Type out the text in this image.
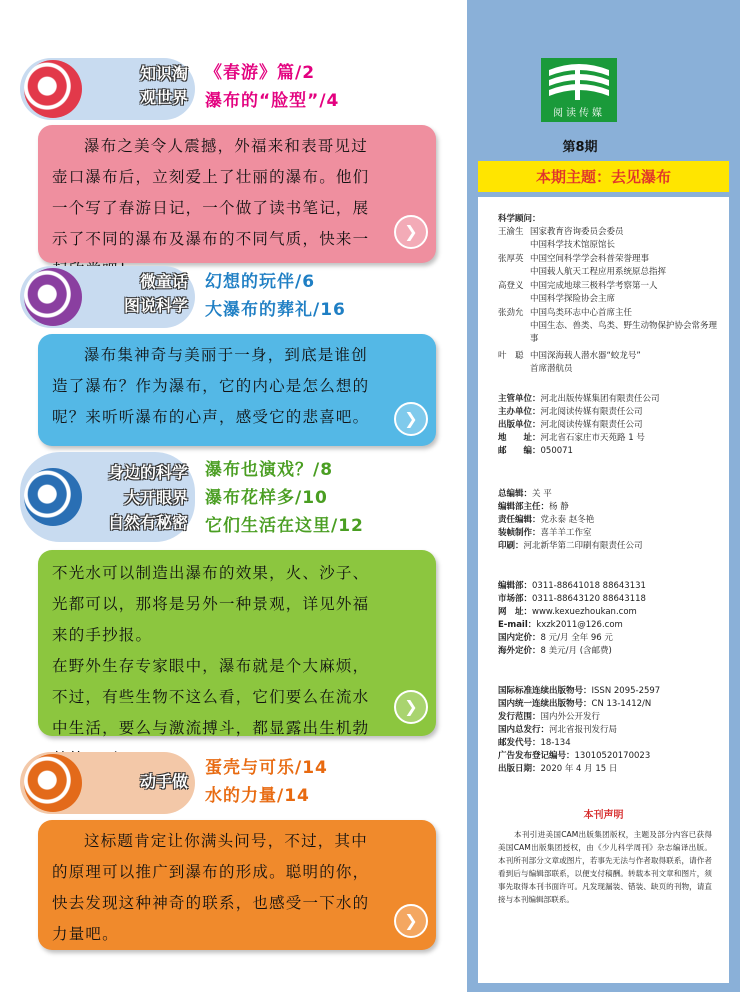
知识淘
观世界
《春游》篇/2
瀑布的“脸型”/4
瀑布之美令人震撼，外福来和表哥见过壶口瀑布后，立刻爱上了壮丽的瀑布。他们一个写了春游日记，一个做了读书笔记，展示了不同的瀑布及瀑布的不同气质，快来一	❯
微童话
图说科学
幻想的玩伴/6
大瀑布的葬礼/16
瀑布集神奇与美丽于一身，到底是谁创造了瀑布？作为瀑布，它的内心是怎么想的呢？来听听瀑布的心声，感受它的悲喜吧。	❯
身边的科学
大开眼界
自然有秘密
瀑布也演戏？/8
瀑布花样多/10
它们生活在这里/12
不光水可以制造出瀑布的效果，火、沙子、光都可以，那将是另外一种景观，详见外福来的手抄报。
在野外生存专家眼中，瀑布就是个大麻烦，不过，有些生物不这么看，它们要么在流水中生活，要么与激流搏斗，都显露出生机勃
❯
动手做
蛋壳与可乐/14
水的力量/14
这标题肯定让你满头问号，不过，其中的原理可以推广到瀑布的形成。聪明的你，快去发现这种神奇的联系，也感受一下水的力量吧。
❯
阅读传媒
第8期
本期主题：去见瀑布
科学顾问：
王渝生 国家教育咨询委员会委员
中国科学技术馆原馆长
张厚英 中国空间科学学会科普荣誉理事
中国载人航天工程应用系统原总指挥
高登义 中国完成地球三极科学考察第一人
中国科学探险协会主席
张劲允 中国鸟类环志中心首席主任
中国生态、兽类、鸟类、野生动物保护协会常务理事
叶　聪 中国深海载人潜水器“蛟龙号”
首席潜航员
主管单位：河北出版传媒集团有限责任公司
主办单位：河北阅读传媒有限责任公司
出版单位：河北阅读传媒有限责任公司
地　　址：河北省石家庄市天苑路 1 号
邮　　编：050071
总编辑：关 平
编辑部主任：杨 静
责任编辑：党永泰 赵冬艳
装帧制作：喜羊羊工作室
印刷：河北新华第二印刷有限责任公司
编辑部：0311-88641018 88643131
市场部：0311-88643120 88643118
网　址：www.kexuezhoukan.com
E-mail：kxzk2011@126.com
国内定价：8 元/月 全年 96 元
海外定价：8 美元/月 (含邮费)
国际标准连续出版物号：ISSN 2095-2597
国内统一连续出版物号：CN 13-1412/N
发行范围：国内外公开发行
国内总发行：河北省报刊发行局
邮发代号：18-134
广告发布登记编号：13010520170023
出版日期：2020 年 4 月 15 日
本刊声明
本刊引进美国CAM出版集团版权，主题及部分内容已获得美国CAM出版集团授权，由《少儿科学周刊》杂志编译出版。本刊所刊部分文章或图片，若事先无法与作者取得联系，请作者看到后与编辑部联系，以便支付稿酬。转载本刊文章和图片，须事先取得本刊书面许可。凡发现漏装、错装、缺页的刊物，请直接与本刊编辑部联系。
